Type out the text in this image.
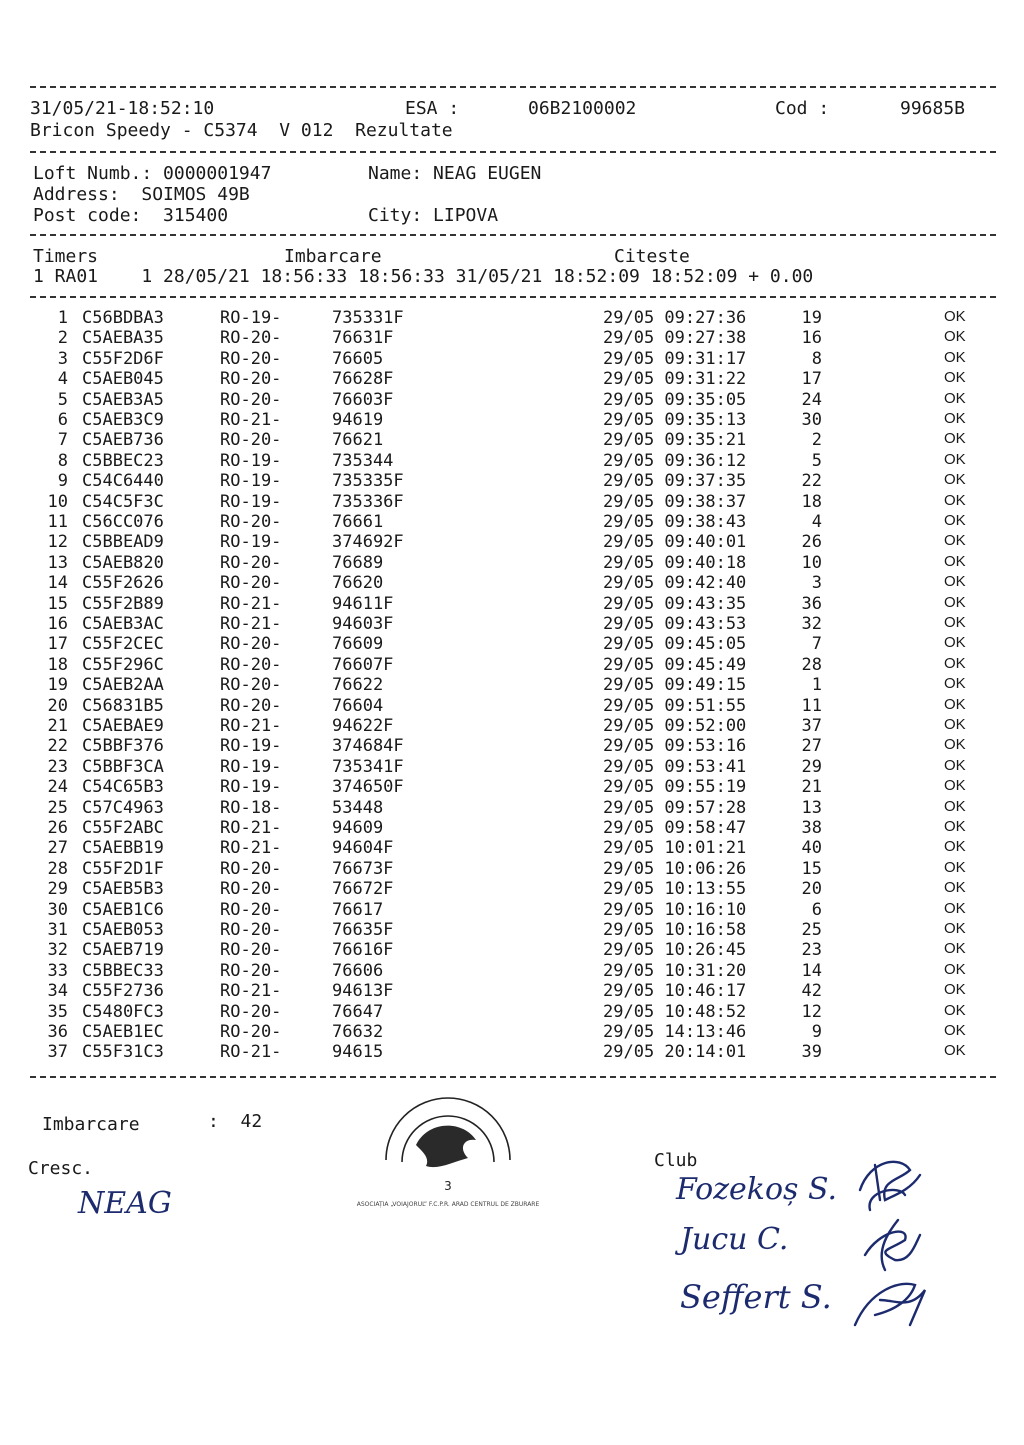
31/05/21-18:52:10	ESA :	06B2100002	Cod :	99685B
Bricon Speedy - C5374  V 012  Rezultate
Loft Numb.: 0000001947	Name: NEAG EUGEN
Address:  SOIMOS 49B
Post code:  315400	City: LIPOVA
Timers	Imbarcare	Citeste
1 RA01    1 28/05/21 18:56:33 18:56:33 31/05/21 18:52:09 18:52:09 + 0.00
1 C56BDBA3	RO-19-	735331F	29/05 09:27:36	19	OK
2 C5AEBA35	RO-20-	76631F	29/05 09:27:38	16	OK
3 C55F2D6F	RO-20-	76605	29/05 09:31:17	8	OK
4 C5AEB045	RO-20-	76628F	29/05 09:31:22	17	OK
5 C5AEB3A5	RO-20-	76603F	29/05 09:35:05	24	OK
6 C5AEB3C9	RO-21-	94619	29/05 09:35:13	30	OK
7 C5AEB736	RO-20-	76621	29/05 09:35:21	2	OK
8 C5BBEC23	RO-19-	735344	29/05 09:36:12	5	OK
9 C54C6440	RO-19-	735335F	29/05 09:37:35	22	OK
10 C54C5F3C	RO-19-	735336F	29/05 09:38:37	18	OK
11 C56CC076	RO-20-	76661	29/05 09:38:43	4	OK
12 C5BBEAD9	RO-19-	374692F	29/05 09:40:01	26	OK
13 C5AEB820	RO-20-	76689	29/05 09:40:18	10	OK
14 C55F2626	RO-20-	76620	29/05 09:42:40	3	OK
15 C55F2B89	RO-21-	94611F	29/05 09:43:35	36	OK
16 C5AEB3AC	RO-21-	94603F	29/05 09:43:53	32	OK
17 C55F2CEC	RO-20-	76609	29/05 09:45:05	7	OK
18 C55F296C	RO-20-	76607F	29/05 09:45:49	28	OK
19 C5AEB2AA	RO-20-	76622	29/05 09:49:15	1	OK
20 C56831B5	RO-20-	76604	29/05 09:51:55	11	OK
21 C5AEBAE9	RO-21-	94622F	29/05 09:52:00	37	OK
22 C5BBF376	RO-19-	374684F	29/05 09:53:16	27	OK
23 C5BBF3CA	RO-19-	735341F	29/05 09:53:41	29	OK
24 C54C65B3	RO-19-	374650F	29/05 09:55:19	21	OK
25 C57C4963	RO-18-	53448	29/05 09:57:28	13	OK
26 C55F2ABC	RO-21-	94609	29/05 09:58:47	38	OK
27 C5AEBB19	RO-21-	94604F	29/05 10:01:21	40	OK
28 C55F2D1F	RO-20-	76673F	29/05 10:06:26	15	OK
29 C5AEB5B3	RO-20-	76672F	29/05 10:13:55	20	OK
30 C5AEB1C6	RO-20-	76617	29/05 10:16:10	6	OK
31 C5AEB053	RO-20-	76635F	29/05 10:16:58	25	OK
32 C5AEB719	RO-20-	76616F	29/05 10:26:45	23	OK
33 C5BBEC33	RO-20-	76606	29/05 10:31:20	14	OK
34 C55F2736	RO-21-	94613F	29/05 10:46:17	42	OK
35 C5480FC3	RO-20-	76647	29/05 10:48:52	12	OK
36 C5AEB1EC	RO-20-	76632	29/05 14:13:46	9	OK
37 C55F31C3	RO-21-	94615	29/05 20:14:01	39	OK
Imbarcare	:  42
Cresc.	Club
NEAG	Fozekoș S.
Jucu C.
Seffert S.
3
ASOCIAȚIA „VOIAJORUL” F.C.P.R. ARAD CENTRUL DE ZBURARE
